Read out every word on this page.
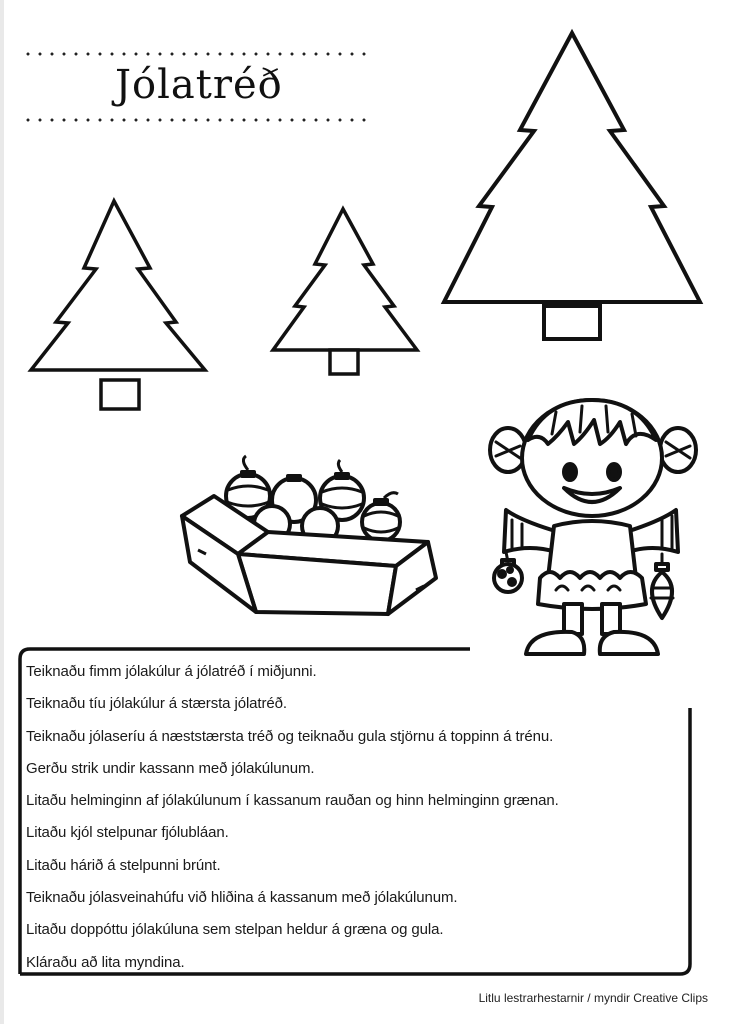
Jólatréð
Teiknaðu fimm jólakúlur á jólatréð í miðjunni.
Teiknaðu tíu jólakúlur á stærsta jólatréð.
Teiknaðu jólaseríu á næststærsta tréð og teiknaðu gula stjörnu á toppinn á trénu.
Gerðu strik undir kassann með jólakúlunum.
Litaðu helminginn af jólakúlunum í kassanum rauðan og hinn helminginn grænan.
Litaðu kjól stelpunar fjólubláan.
Litaðu hárið á stelpunni brúnt.
Teiknaðu jólasveinahúfu við hliðina á kassanum með jólakúlunum.
Litaðu doppóttu jólakúluna sem stelpan heldur á græna og gula.
Kláraðu að lita myndina.
Litlu lestrarhestarnir / myndir Creative Clips
